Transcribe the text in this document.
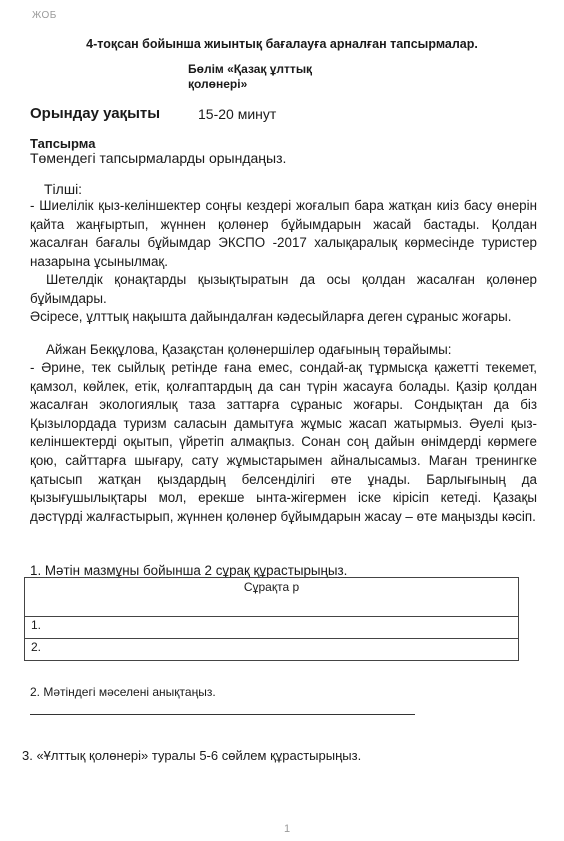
ЖОБ
4-тоқсан бойынша жиынтық бағалауға арналған тапсырмалар.
Бөлім «Қазақ ұлттық қолөнері»
Орындау уақыты	15-20 минут
Тапсырма
Төмендегі тапсырмаларды орындаңыз.
Тілші:
- Шиелілік қыз-келіншектер соңғы кездері жоғалып бара жатқан киіз басу өнерін қайта жаңғыртып, жүннен қолөнер бұйымдарын жасай бастады. Қолдан жасалған бағалы бұйымдар ЭКСПО -2017 халықаралық көрмесінде туристер назарына ұсынылмақ.
Шетелдік қонақтарды қызықтыратын да осы қолдан жасалған қолөнер бұйымдары.
Әсіресе, ұлттық нақышта дайындалған кәдесыйларға деген сұраныс жоғары.
Айжан Бекқұлова, Қазақстан қолөнершілер одағының төрайымы:
- Әрине, тек сыйлық ретінде ғана емес, сондай-ақ тұрмысқа қажетті текемет, қамзол, көйлек, етік, қолғаптардың да сан түрін жасауға болады. Қазір қолдан жасалған экологиялық таза заттарға сұраныс жоғары. Сондықтан да біз Қызылордада туризм саласын дамытуға жұмыс жасап жатырмыз. Әуелі қыз-келіншектерді оқытып, үйретіп алмақпыз. Сонан соң дайын өнімдерді көрмеге қою, сайттарға шығару, сату жұмыстарымен айналысамыз. Маған тренингке қатысып жатқан қыздардың белсенділігі өте ұнады. Барлығының да қызығушылықтары мол, ерекше ынта-жігермен іске кірісіп кетеді. Қазақы дәстүрді жалғастырып, жүннен қолөнер бұйымдарын жасау – өте маңызды кәсіп.
1. Мәтін мазмұны бойынша 2 сұрақ құрастырыңыз.
Сұрақта р
1.
2.
2. Мәтіндегі мәселені анықтаңыз.
3. «Ұлттық қолөнері» туралы 5-6 сөйлем құрастырыңыз.
1
